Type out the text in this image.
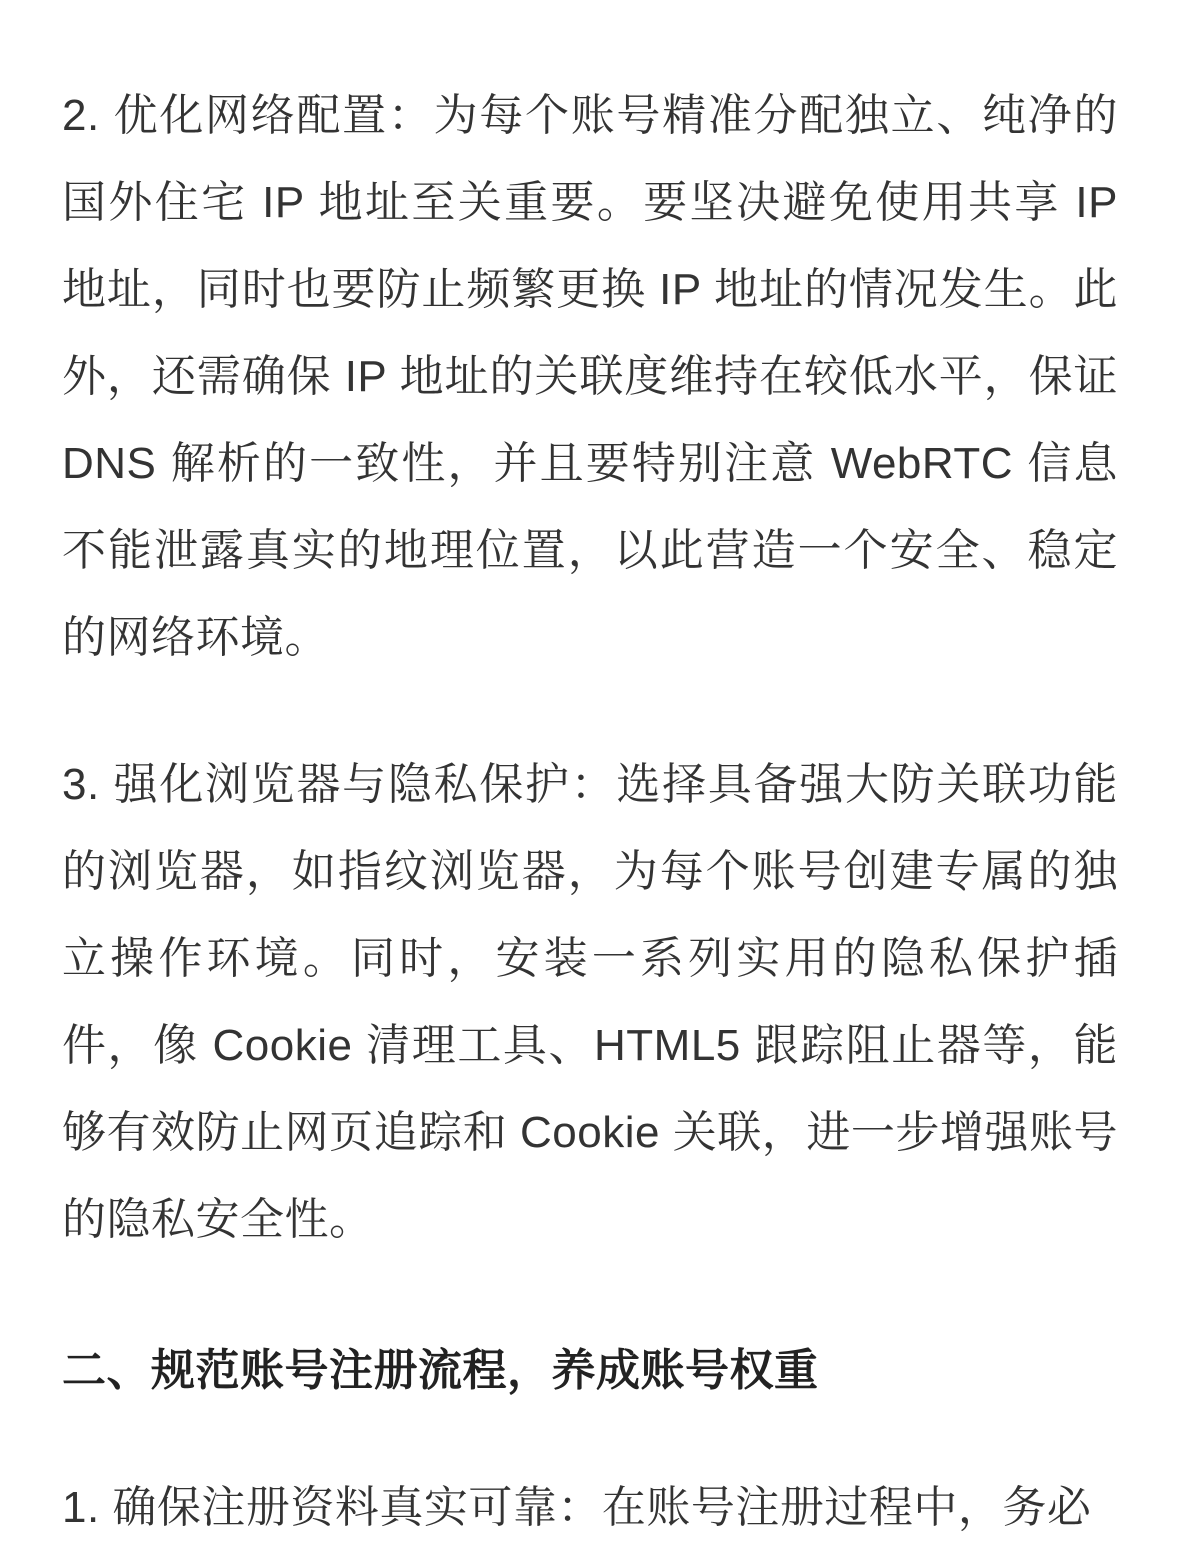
2. 优化网络配置：为每个账号精准分配独立、纯净的国外住宅 IP 地址至关重要。要坚决避免使用共享 IP 地址，同时也要防止频繁更换 IP 地址的情况发生。此外，还需确保 IP 地址的关联度维持在较低水平，保证 DNS 解析的一致性，并且要特别注意 WebRTC 信息不能泄露真实的地理位置，以此营造一个安全、稳定的网络环境。

3. 强化浏览器与隐私保护：选择具备强大防关联功能的浏览器，如指纹浏览器，为每个账号创建专属的独立操作环境。同时，安装一系列实用的隐私保护插件，像 Cookie 清理工具、HTML5 跟踪阻止器等，能够有效防止网页追踪和 Cookie 关联，进一步增强账号的隐私安全性。

二、规范账号注册流程，养成账号权重

1. 确保注册资料真实可靠：在账号注册过程中，务必
